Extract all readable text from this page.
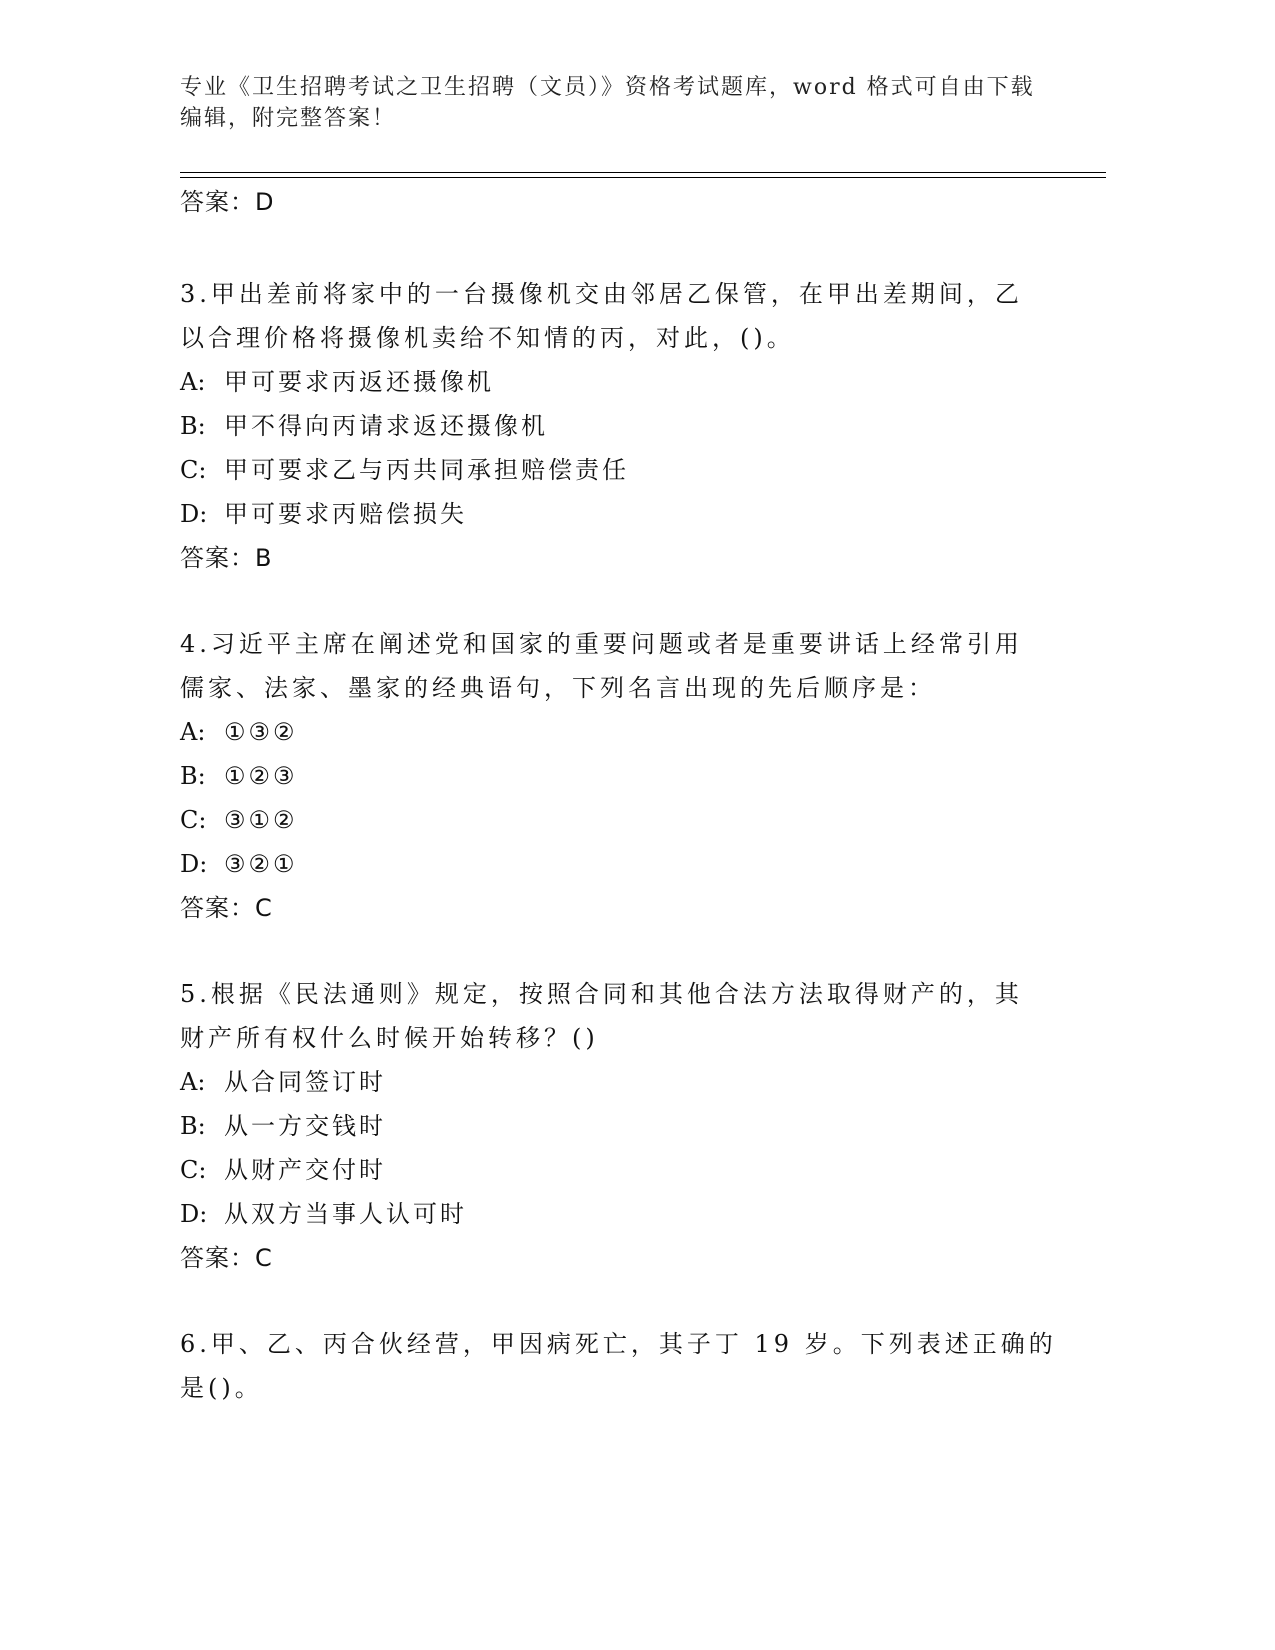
专业《卫生招聘考试之卫生招聘（文员）》资格考试题库，word 格式可自由下载
编辑，附完整答案！
答案：D
3.甲出差前将家中的一台摄像机交由邻居乙保管，在甲出差期间，乙
以合理价格将摄像机卖给不知情的丙，对此，()。
A: 甲可要求丙返还摄像机
B: 甲不得向丙请求返还摄像机
C: 甲可要求乙与丙共同承担赔偿责任
D: 甲可要求丙赔偿损失
答案：B
4.习近平主席在阐述党和国家的重要问题或者是重要讲话上经常引用
儒家、法家、墨家的经典语句，下列名言出现的先后顺序是：
A: ①③②
B: ①②③
C: ③①②
D: ③②①
答案：C
5.根据《民法通则》规定，按照合同和其他合法方法取得财产的，其
财产所有权什么时候开始转移？()
A: 从合同签订时
B: 从一方交钱时
C: 从财产交付时
D: 从双方当事人认可时
答案：C
6.甲、乙、丙合伙经营，甲因病死亡，其子丁 19 岁。下列表述正确的
是()。
